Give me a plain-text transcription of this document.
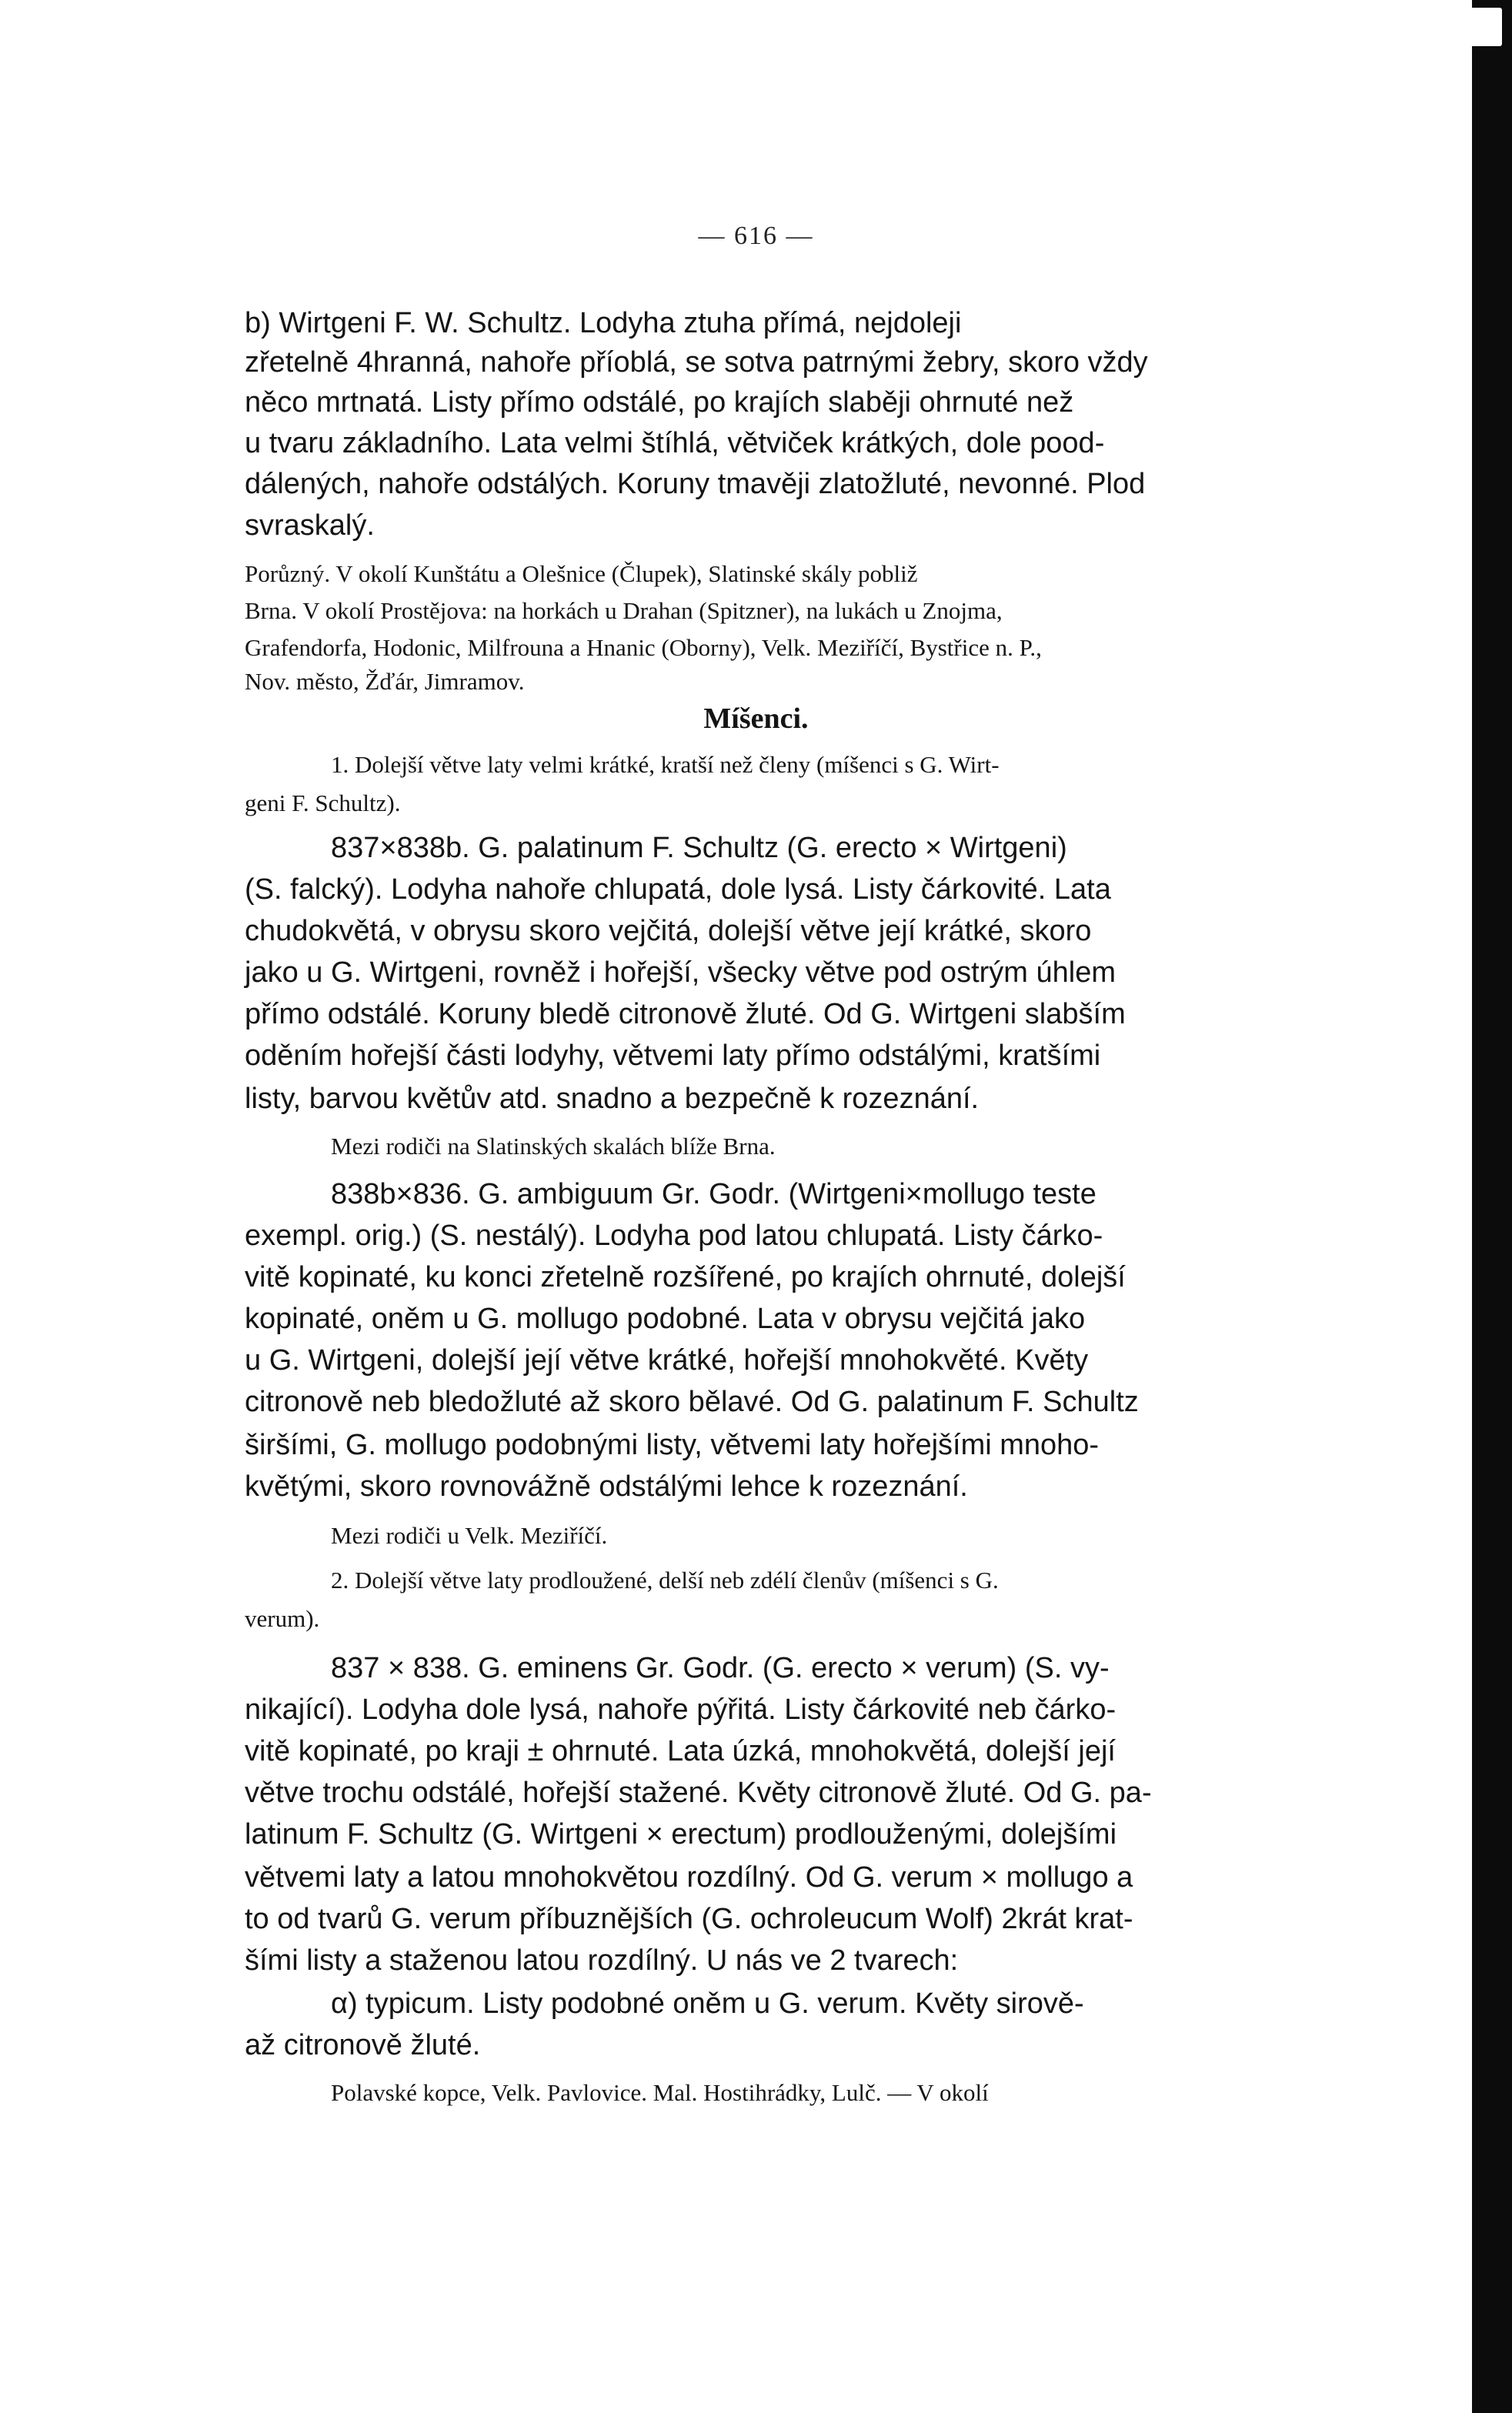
— 616 —
b) Wirtgeni F. W. Schultz. Lodyha ztuha přímá, nejdoleji
zřetelně 4hranná, nahoře příoblá, se sotva patrnými žebry, skoro vždy
něco mrtnatá. Listy přímo odstálé, po krajích slaběji ohrnuté než
u tvaru základního. Lata velmi štíhlá, větviček krátkých, dole pood-
dálených, nahoře odstálých. Koruny tmavěji zlatožluté, nevonné. Plod
svraskalý.
Porůzný. V okolí Kunštátu a Olešnice (Člupek), Slatinské skály pobliž
Brna. V okolí Prostějova: na horkách u Drahan (Spitzner), na lukách u Znojma,
Grafendorfa, Hodonic, Milfrouna a Hnanic (Oborny), Velk. Meziříčí, Bystřice n. P.,
Nov. město, Žďár, Jimramov.
Míšenci.
1. Dolejší větve laty velmi krátké, kratší než členy (míšenci s G. Wirt-
geni F. Schultz).
837×838b. G. palatinum F. Schultz (G. erecto × Wirtgeni)
(S. falcký). Lodyha nahoře chlupatá, dole lysá. Listy čárkovité. Lata
chudokvětá, v obrysu skoro vejčitá, dolejší větve její krátké, skoro
jako u G. Wirtgeni, rovněž i hořejší, všecky větve pod ostrým úhlem
přímo odstálé. Koruny bledě citronově žluté. Od G. Wirtgeni slabším
oděním hořejší části lodyhy, větvemi laty přímo odstálými, kratšími
listy, barvou květův atd. snadno a bezpečně k rozeznání.
Mezi rodiči na Slatinských skalách blíže Brna.
838b×836. G. ambiguum Gr. Godr. (Wirtgeni×mollugo teste
exempl. orig.) (S. nestálý). Lodyha pod latou chlupatá. Listy čárko-
vitě kopinaté, ku konci zřetelně rozšířené, po krajích ohrnuté, dolejší
kopinaté, oněm u G. mollugo podobné. Lata v obrysu vejčitá jako
u G. Wirtgeni, dolejší její větve krátké, hořejší mnohokvěté. Květy
citronově neb bledožluté až skoro bělavé. Od G. palatinum F. Schultz
širšími, G. mollugo podobnými listy, větvemi laty hořejšími mnoho-
květými, skoro rovnovážně odstálými lehce k rozeznání.
Mezi rodiči u Velk. Meziříčí.
2. Dolejší větve laty prodloužené, delší neb zdélí členův (míšenci s G.
verum).
837 × 838. G. eminens Gr. Godr. (G. erecto × verum) (S. vy-
nikající). Lodyha dole lysá, nahoře pýřitá. Listy čárkovité neb čárko-
vitě kopinaté, po kraji ± ohrnuté. Lata úzká, mnohokvětá, dolejší její
větve trochu odstálé, hořejší stažené. Květy citronově žluté. Od G. pa-
latinum F. Schultz (G. Wirtgeni × erectum) prodlouženými, dolejšími
větvemi laty a latou mnohokvětou rozdílný. Od G. verum × mollugo a
to od tvarů G. verum příbuznějších (G. ochroleucum Wolf) 2krát krat-
šími listy a staženou latou rozdílný. U nás ve 2 tvarech:
α) typicum. Listy podobné oněm u G. verum. Květy sirově-
až citronově žluté.
Polavské kopce, Velk. Pavlovice. Mal. Hostihrádky, Lulč. — V okolí
